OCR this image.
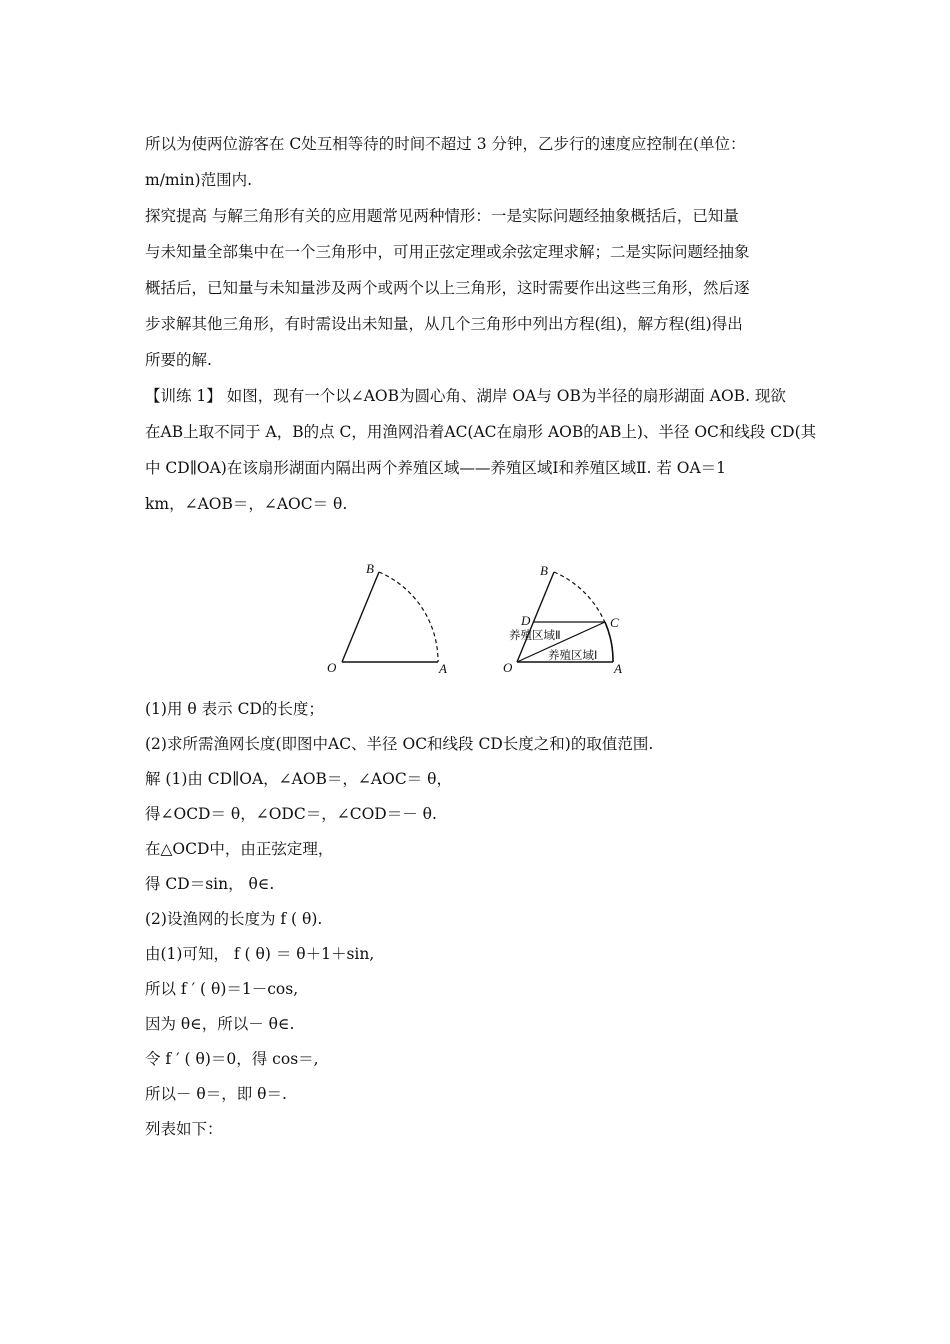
所以为使两位游客在 C处互相等待的时间不超过 3 分钟，乙步行的速度应控制在(单位：
m/min)范围内.
探究提高 与解三角形有关的应用题常见两种情形：一是实际问题经抽象概括后，已知量
与未知量全部集中在一个三角形中，可用正弦定理或余弦定理求解；二是实际问题经抽象
概括后，已知量与未知量涉及两个或两个以上三角形，这时需要作出这些三角形，然后逐
步求解其他三角形，有时需设出未知量，从几个三角形中列出方程(组)，解方程(组)得出
所要的解.
【训练 1】 如图，现有一个以∠AOB为圆心角、湖岸 OA与 OB为半径的扇形湖面 AOB. 现欲
在AB上取不同于 A，B的点 C，用渔网沿着AC(AC在扇形 AOB的AB上)、半径 OC和线段 CD(其
中 CD∥OA)在该扇形湖面内隔出两个养殖区域——养殖区域Ⅰ和养殖区域Ⅱ. 若 OA＝1
km，∠AOB＝，∠AOC＝ θ.
B
O	A
B
D	C
O	A
养殖区域Ⅱ
养殖区域Ⅰ
(1)用 θ 表示 CD的长度；
(2)求所需渔网长度(即图中AC、半径 OC和线段 CD长度之和)的取值范围.
解 (1)由 CD∥OA，∠AOB＝，∠AOC＝ θ，
得∠OCD＝ θ，∠ODC＝，∠COD＝－ θ.
在△OCD中，由正弦定理，
得 CD＝sin， θ∈.
(2)设渔网的长度为 f ( θ).
由(1)可知， f ( θ) ＝ θ＋1＋sin,
所以 f ′ ( θ)＝1－cos,
因为 θ∈，所以－ θ∈.
令 f ′ ( θ)＝0，得 cos＝,
所以－ θ＝，即 θ＝.
列表如下：
